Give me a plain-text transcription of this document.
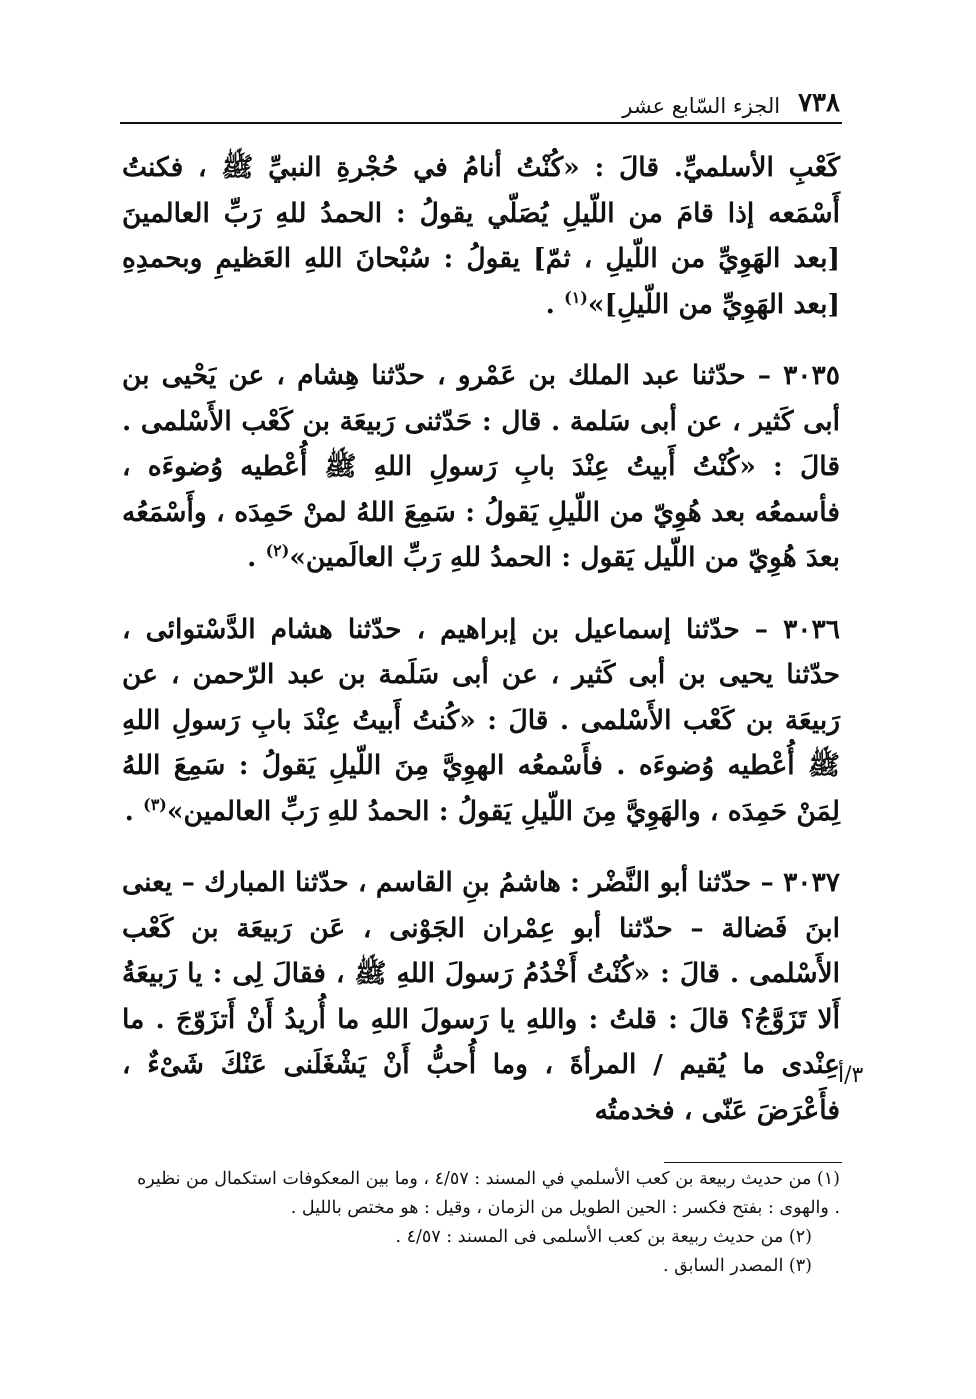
٧٣٨
الجزء السّابع عشر

كَعْبِ الأسلميِّ. قالَ : «كُنْتُ أنامُ في حُجْرةِ النبيِّ ﷺ ، فكنتُ أَسْمَعه إذا قامَ من اللّيلِ يُصَلّي يقولُ : الحمدُ للهِ رَبِّ العالمينَ [بعد الهَوِيِّ من اللّيلِ ، ثمّ] يقولُ : سُبْحانَ اللهِ العَظيمِ وبحمدِهِ [بعد الهَوِيِّ من اللّيلِ]»$^{(١)}$ .

٣٠٣٥ – حدّثنا عبد الملك بن عَمْرو ، حدّثنا هِشام ، عن يَحْيى بن أبى كَثير ، عن أبى سَلمة . قال : حَدّثنى رَبيعَة بن كَعْب الأَسْلمى . قالَ : «كُنْتُ أَبيتُ عِنْدَ بابِ رَسولِ اللهِ ﷺ أُعْطيه وُضوءَه ، فأسمعُه بعد هُوِيّ من اللّيلِ يَقولُ : سَمِعَ اللهُ لمنْ حَمِدَه ، وأَسْمَعُه بعدَ هُوِيّ من اللّيل يَقول : الحمدُ للهِ رَبِّ العالَمين»$^{(٢)}$ .

٣٠٣٦ – حدّثنا إسماعيل بن إبراهيم ، حدّثنا هشام الدَّسْتوائى ، حدّثنا يحيى بن أبى كَثير ، عن أبى سَلَمة بن عبد الرّحمن ، عن رَبيعَة بن كَعْب الأَسْلمى . قالَ : «كُنتُ أَبيتُ عِنْدَ بابِ رَسولِ اللهِ ﷺ أُعْطيه وُضوءَه . فأَسْمعُه الهوِيَّ مِنَ اللّيلِ يَقولُ : سَمِعَ اللهُ لِمَنْ حَمِدَه ، والهَوِيَّ مِنَ اللّيلِ يَقولُ : الحمدُ للهِ رَبِّ العالمين»$^{(٣)}$ .

٣٠٣٧ – حدّثنا أبو النَّضْر : هاشمُ بنِ القاسم ، حدّثنا المبارك – يعنى ابنَ فَضالة – حدّثنا أبو عِمْران الجَوْنى ، عَن رَبيعَة بن كَعْب الأَسْلمى . قالَ : «كُنْتُ أَخْدُمُ رَسولَ اللهِ ﷺ ، فقالَ لِى : يا رَبيعَةُ أَلا تَزَوَّجُ؟ قالَ : قلتُ : واللهِ يا رَسولَ اللهِ ما أُريدُ أَنْ أَتزَوّجَ . ما عِنْدى ما يُقيم / المرأةَ ، وما أُحبُّ أَنْ يَشْغَلَنى عَنْكَ شَىْءٌ ، فأَعْرَضَ عَنّى ، فخدمتُه

٣/أ

(١) من حديث ربيعة بن كعب الأسلمي في المسند : ٤/٥٧ ، وما بين المعكوفات استكمال من نظيره . والهوى : بفتح فكسر : الحين الطويل من الزمان ، وقيل : هو مختص بالليل .

(٢) من حديث ربيعة بن كعب الأسلمى فى المسند : ٤/٥٧ .

(٣) المصدر السابق .
